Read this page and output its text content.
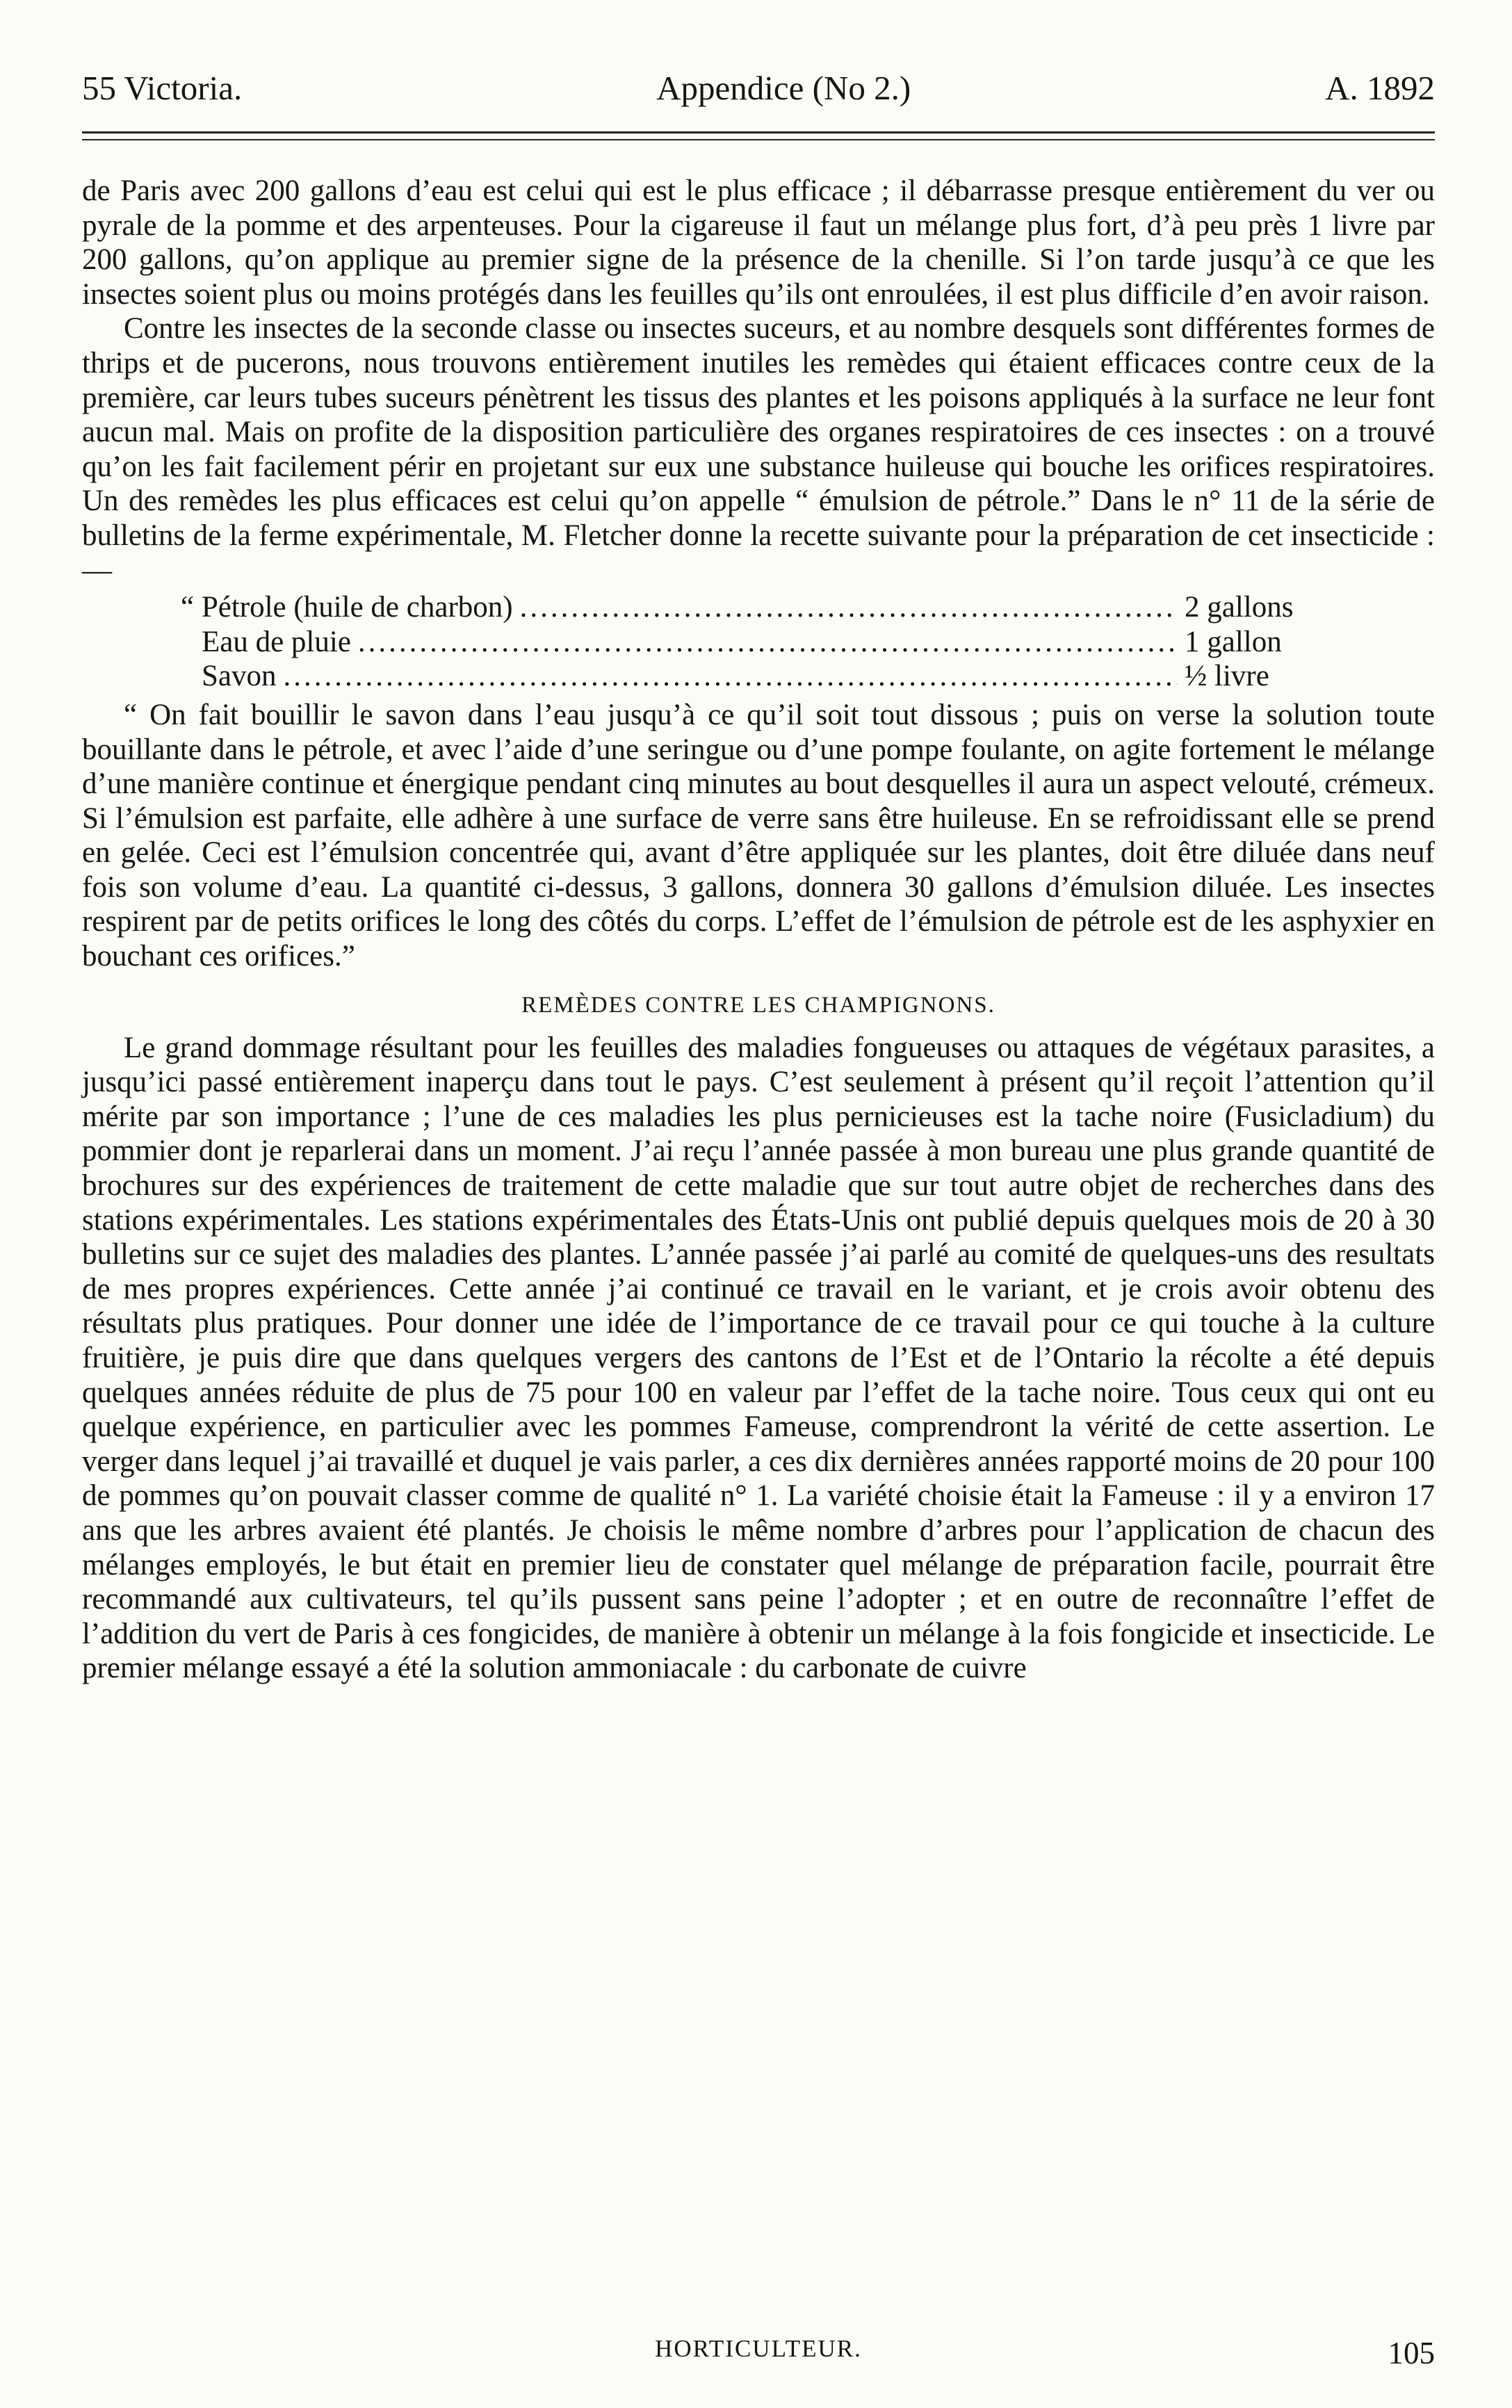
55 Victoria.	Appendice (No 2.)	A. 1892

de Paris avec 200 gallons d’eau est celui qui est le plus efficace ; il débarrasse presque entièrement du ver ou pyrale de la pomme et des arpenteuses. Pour la cigareuse il faut un mélange plus fort, d’à peu près 1 livre par 200 gallons, qu’on applique au premier signe de la présence de la chenille. Si l’on tarde jusqu’à ce que les insectes soient plus ou moins protégés dans les feuilles qu’ils ont enroulées, il est plus difficile d’en avoir raison.

Contre les insectes de la seconde classe ou insectes suceurs, et au nombre desquels sont différentes formes de thrips et de pucerons, nous trouvons entièrement inutiles les remèdes qui étaient efficaces contre ceux de la première, car leurs tubes suceurs pénètrent les tissus des plantes et les poisons appliqués à la surface ne leur font aucun mal. Mais on profite de la disposition particulière des organes respiratoires de ces insectes : on a trouvé qu’on les fait facilement périr en projetant sur eux une substance huileuse qui bouche les orifices respiratoires. Un des remèdes les plus efficaces est celui qu’on appelle “ émulsion de pétrole.” Dans le n° 11 de la série de bulletins de la ferme expérimentale, M. Fletcher donne la recette suivante pour la préparation de cet insecticide :—

“ Pétrole (huile de charbon) .....	2 gallons
Eau de pluie .....	1 gallon
Savon .....	½ livre

“ On fait bouillir le savon dans l’eau jusqu’à ce qu’il soit tout dissous ; puis on verse la solution toute bouillante dans le pétrole, et avec l’aide d’une seringue ou d’une pompe foulante, on agite fortement le mélange d’une manière continue et énergique pendant cinq minutes au bout desquelles il aura un aspect velouté, crémeux. Si l’émulsion est parfaite, elle adhère à une surface de verre sans être huileuse. En se refroidissant elle se prend en gelée. Ceci est l’émulsion concentrée qui, avant d’être appliquée sur les plantes, doit être diluée dans neuf fois son volume d’eau. La quantité ci-dessus, 3 gallons, donnera 30 gallons d’émulsion diluée. Les insectes respirent par de petits orifices le long des côtés du corps. L’effet de l’émulsion de pétrole est de les asphyxier en bouchant ces orifices.”

REMÈDES CONTRE LES CHAMPIGNONS.

Le grand dommage résultant pour les feuilles des maladies fongueuses ou attaques de végétaux parasites, a jusqu’ici passé entièrement inaperçu dans tout le pays. C’est seulement à présent qu’il reçoit l’attention qu’il mérite par son importance ; l’une de ces maladies les plus pernicieuses est la tache noire (Fusicladium) du pommier dont je reparlerai dans un moment. J’ai reçu l’année passée à mon bureau une plus grande quantité de brochures sur des expériences de traitement de cette maladie que sur tout autre objet de recherches dans des stations expérimentales. Les stations expérimentales des États-Unis ont publié depuis quelques mois de 20 à 30 bulletins sur ce sujet des maladies des plantes. L’année passée j’ai parlé au comité de quelques-uns des resultats de mes propres expériences. Cette année j’ai continué ce travail en le variant, et je crois avoir obtenu des résultats plus pratiques. Pour donner une idée de l’importance de ce travail pour ce qui touche à la culture fruitière, je puis dire que dans quelques vergers des cantons de l’Est et de l’Ontario la récolte a été depuis quelques années réduite de plus de 75 pour 100 en valeur par l’effet de la tache noire. Tous ceux qui ont eu quelque expérience, en particulier avec les pommes Fameuse, comprendront la vérité de cette assertion. Le verger dans lequel j’ai travaillé et duquel je vais parler, a ces dix dernières années rapporté moins de 20 pour 100 de pommes qu’on pouvait classer comme de qualité n° 1. La variété choisie était la Fameuse : il y a environ 17 ans que les arbres avaient été plantés. Je choisis le même nombre d’arbres pour l’application de chacun des mélanges employés, le but était en premier lieu de constater quel mélange de préparation facile, pourrait être recommandé aux cultivateurs, tel qu’ils pussent sans peine l’adopter ; et en outre de reconnaître l’effet de l’addition du vert de Paris à ces fongicides, de manière à obtenir un mélange à la fois fongicide et insecticide. Le premier mélange essayé a été la solution ammoniacale : du carbonate de cuivre

HORTICULTEUR.	105
